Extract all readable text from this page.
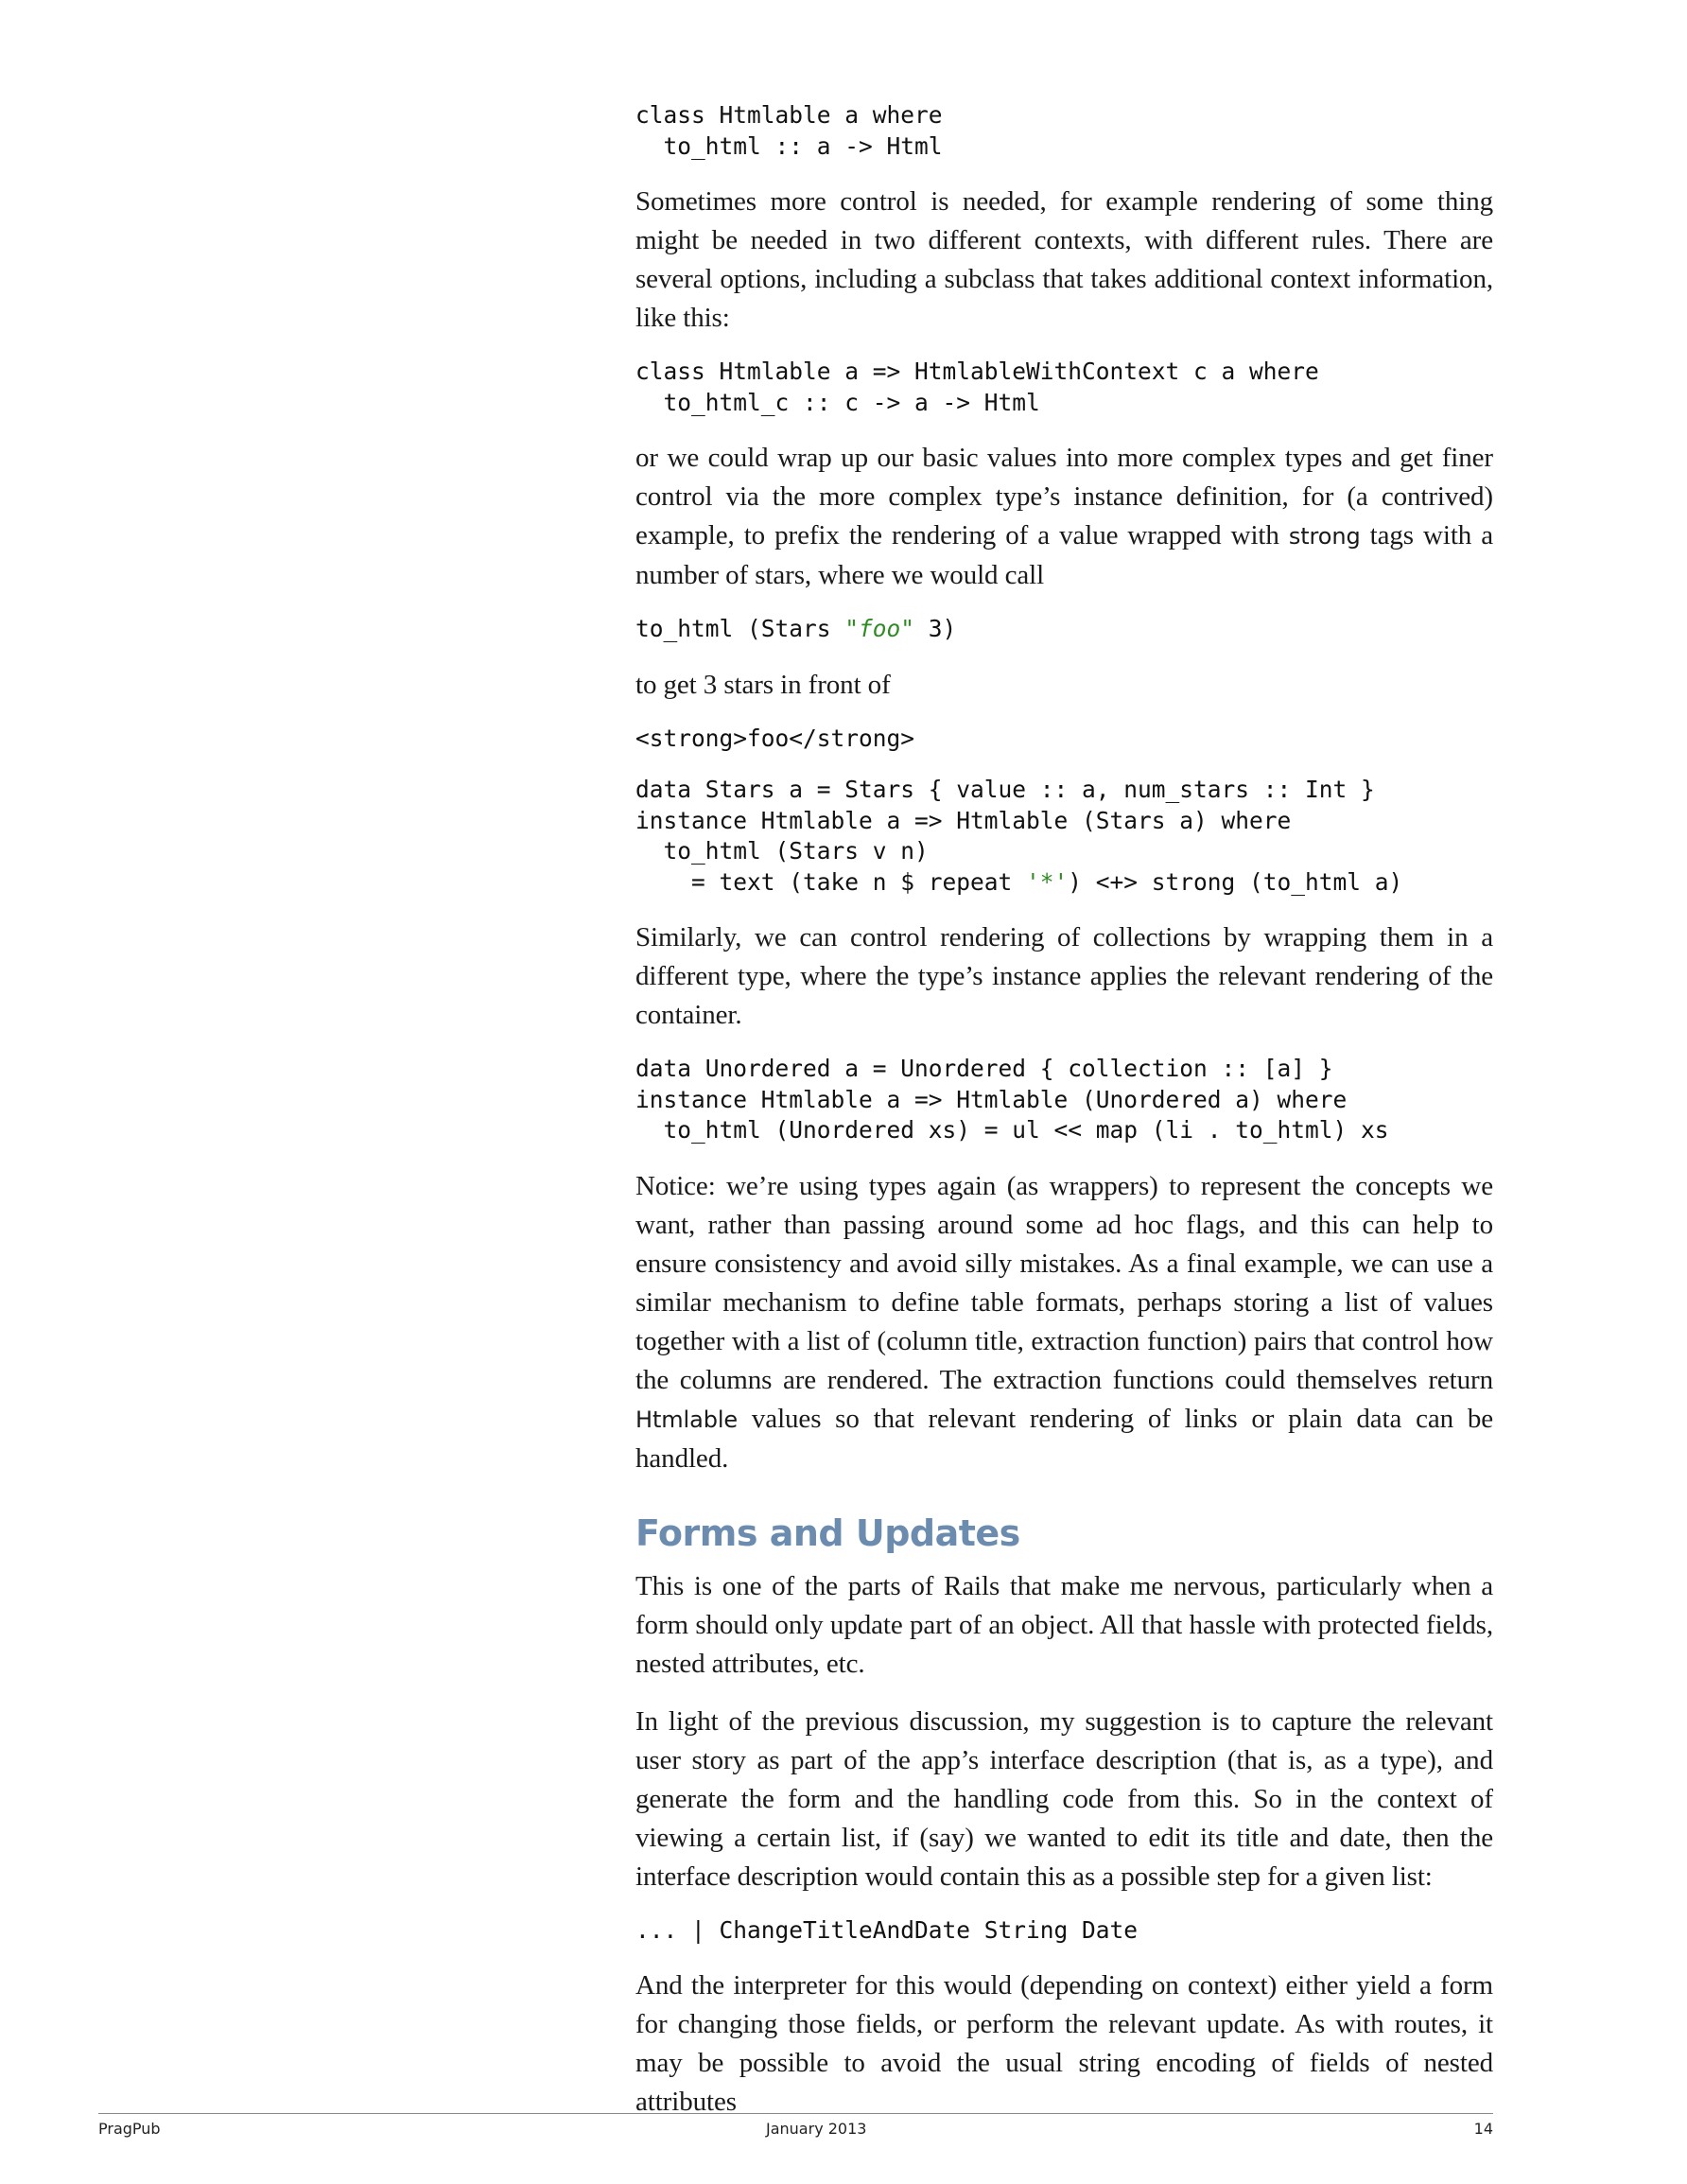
class Htmlable a where
to_html :: a -> Html

Sometimes more control is needed, for example rendering of some thing might be needed in two different contexts, with different rules. There are several options, including a subclass that takes additional context information, like this:

class Htmlable a => HtmlableWithContext c a where
to_html_c :: c -> a -> Html

or we could wrap up our basic values into more complex types and get finer control via the more complex type’s instance definition, for (a contrived) example, to prefix the rendering of a value wrapped with strong tags with a number of stars, where we would call

to_html (Stars "foo" 3)

to get 3 stars in front of

<strong>foo</strong>
data Stars a = Stars { value :: a, num_stars :: Int }
instance Htmlable a => Htmlable (Stars a) where
to_html (Stars v n)
= text (take n $ repeat '*') <+> strong (to_html a)

Similarly, we can control rendering of collections by wrapping them in a different type, where the type’s instance applies the relevant rendering of the container.

data Unordered a = Unordered { collection :: [a] }
instance Htmlable a => Htmlable (Unordered a) where
to_html (Unordered xs) = ul << map (li . to_html) xs

Notice: we’re using types again (as wrappers) to represent the concepts we want, rather than passing around some ad hoc flags, and this can help to ensure consistency and avoid silly mistakes. As a final example, we can use a similar mechanism to define table formats, perhaps storing a list of values together with a list of (column title, extraction function) pairs that control how the columns are rendered. The extraction functions could themselves return Htmlable values so that relevant rendering of links or plain data can be handled.

Forms and Updates

This is one of the parts of Rails that make me nervous, particularly when a form should only update part of an object. All that hassle with protected fields, nested attributes, etc.

In light of the previous discussion, my suggestion is to capture the relevant user story as part of the app’s interface description (that is, as a type), and generate the form and the handling code from this. So in the context of viewing a certain list, if (say) we wanted to edit its title and date, then the interface description would contain this as a possible step for a given list:

... | ChangeTitleAndDate String Date

And the interpreter for this would (depending on context) either yield a form for changing those fields, or perform the relevant update. As with routes, it may be possible to avoid the usual string encoding of fields of nested attributes

PragPub	January 2013	14
